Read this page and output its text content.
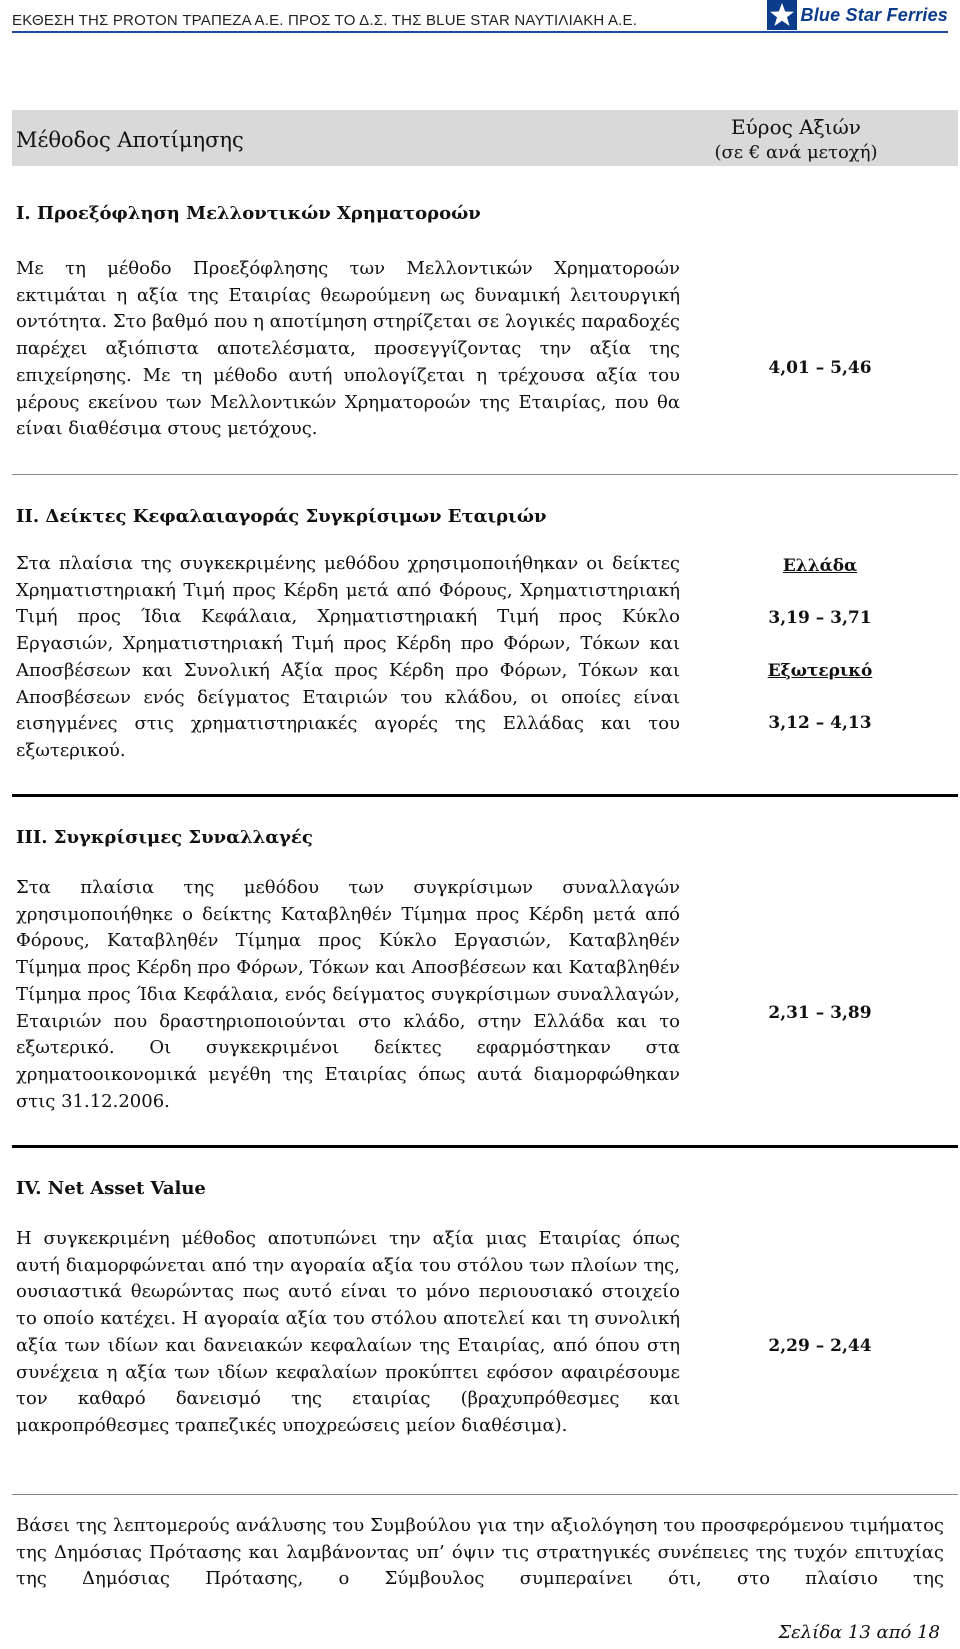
ΕΚΘΕΣΗ ΤΗΣ PROTON ΤΡΑΠΕΖΑ Α.Ε. ΠΡΟΣ ΤΟ Δ.Σ. ΤΗΣ BLUE STAR ΝΑΥΤΙΛΙΑΚΗ Α.Ε.	Blue Star Ferries
Μέθοδος Αποτίμησης
Εύρος Αξιών
(σε € ανά μετοχή)
Ι. Προεξόφληση Μελλοντικών Χρηματοροών
Με τη μέθοδο Προεξόφλησης των Μελλοντικών Χρηματοροών εκτιμάται η αξία της Εταιρίας θεωρούμενη ως δυναμική λειτουργική οντότητα. Στο βαθμό που η αποτίμηση στηρίζεται σε λογικές παραδοχές παρέχει αξιόπιστα αποτελέσματα, προσεγγίζοντας την αξία της επιχείρησης. Με τη μέθοδο αυτή υπολογίζεται η τρέχουσα αξία του μέρους εκείνου των Μελλοντικών Χρηματοροών της Εταιρίας, που θα είναι διαθέσιμα στους μετόχους.
4,01 – 5,46
ΙΙ. Δείκτες Κεφαλαιαγοράς Συγκρίσιμων Εταιριών
Στα πλαίσια της συγκεκριμένης μεθόδου χρησιμοποιήθηκαν οι δείκτες Χρηματιστηριακή Τιμή προς Κέρδη μετά από Φόρους, Χρηματιστηριακή Τιμή προς Ίδια Κεφάλαια, Χρηματιστηριακή Τιμή προς Κύκλο Εργασιών, Χρηματιστηριακή Τιμή προς Κέρδη προ Φόρων, Τόκων και Αποσβέσεων και Συνολική Αξία προς Κέρδη προ Φόρων, Τόκων και Αποσβέσεων ενός δείγματος Εταιριών του κλάδου, οι οποίες είναι εισηγμένες στις χρηματιστηριακές αγορές της Ελλάδας και του εξωτερικού.
Ελλάδα
3,19 – 3,71
Εξωτερικό
3,12 – 4,13
ΙΙΙ. Συγκρίσιμες Συναλλαγές
Στα πλαίσια της μεθόδου των συγκρίσιμων συναλλαγών χρησιμοποιήθηκε ο δείκτης Καταβληθέν Τίμημα προς Κέρδη μετά από Φόρους, Καταβληθέν Τίμημα προς Κύκλο Εργασιών, Καταβληθέν Τίμημα προς Κέρδη προ Φόρων, Τόκων και Αποσβέσεων και Καταβληθέν Τίμημα προς Ίδια Κεφάλαια, ενός δείγματος συγκρίσιμων συναλλαγών, Εταιριών που δραστηριοποιούνται στο κλάδο, στην Ελλάδα και το εξωτερικό. Οι συγκεκριμένοι δείκτες εφαρμόστηκαν στα χρηματοοικονομικά μεγέθη της Εταιρίας όπως αυτά διαμορφώθηκαν στις 31.12.2006.
2,31 – 3,89
IV. Net Asset Value
Η συγκεκριμένη μέθοδος αποτυπώνει την αξία μιας Εταιρίας όπως αυτή διαμορφώνεται από την αγοραία αξία του στόλου των πλοίων της, ουσιαστικά θεωρώντας πως αυτό είναι το μόνο περιουσιακό στοιχείο το οποίο κατέχει. Η αγοραία αξία του στόλου αποτελεί και τη συνολική αξία των ιδίων και δανειακών κεφαλαίων της Εταιρίας, από όπου στη συνέχεια η αξία των ιδίων κεφαλαίων προκύπτει εφόσον αφαιρέσουμε τον καθαρό δανεισμό της εταιρίας (βραχυπρόθεσμες και μακροπρόθεσμες τραπεζικές υποχρεώσεις μείον διαθέσιμα).
2,29 – 2,44
Βάσει της λεπτομερούς ανάλυσης του Συμβούλου για την αξιολόγηση του προσφερόμενου τιμήματος της Δημόσιας Πρότασης και λαμβάνοντας υπ’ όψιν τις στρατηγικές συνέπειες της τυχόν επιτυχίας της Δημόσιας Πρότασης, ο Σύμβουλος συμπεραίνει ότι, στο πλαίσιο της
Σελίδα 13 από 18
